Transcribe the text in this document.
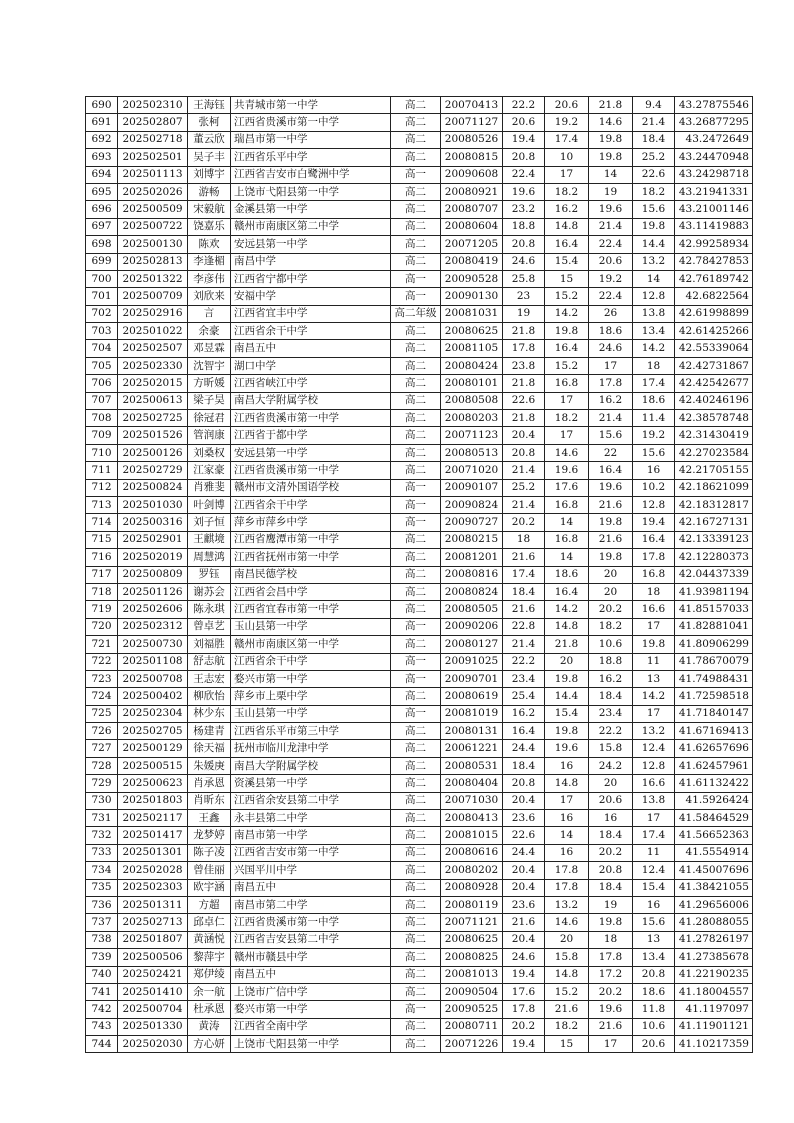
690	202502310	王海钰	共青城市第一中学	高二	20070413	22.2	20.6	21.8	9.4	43.27875546
691	202502807	张柯	江西省贵溪市第一中学	高二	20071127	20.6	19.2	14.6	21.4	43.26877295
692	202502718	董云欣	瑞昌市第一中学	高二	20080526	19.4	17.4	19.8	18.4	43.2472649
693	202502501	吴子丰	江西省乐平中学	高二	20080815	20.8	10	19.8	25.2	43.24470948
694	202501113	刘博宇	江西省吉安市白鹭洲中学	高一	20090608	22.4	17	14	22.6	43.24298718
695	202502026	游畅	上饶市弋阳县第一中学	高二	20080921	19.6	18.2	19	18.2	43.21941331
696	202500509	宋毅航	金溪县第一中学	高二	20080707	23.2	16.2	19.6	15.6	43.21001146
697	202500722	饶嘉乐	赣州市南康区第二中学	高二	20080604	18.8	14.8	21.4	19.8	43.11419883
698	202500130	陈欢	安远县第一中学	高二	20071205	20.8	16.4	22.4	14.4	42.99258934
699	202502813	李逢楣	南昌中学	高二	20080419	24.6	15.4	20.6	13.2	42.78427853
700	202501322	李彦伟	江西省宁都中学	高一	20090528	25.8	15	19.2	14	42.76189742
701	202500709	刘欣来	安福中学	高一	20090130	23	15.2	22.4	12.8	42.6822564
702	202502916	言	江西省宜丰中学	高二年级	20081031	19	14.2	26	13.8	42.61998899
703	202501022	余豪	江西省余干中学	高二	20080625	21.8	19.8	18.6	13.4	42.61425266
704	202502507	邓昱霖	南昌五中	高二	20081105	17.8	16.4	24.6	14.2	42.55339064
705	202502330	沈智宇	湖口中学	高二	20080424	23.8	15.2	17	18	42.42731867
706	202502015	方昕媛	江西省峡江中学	高二	20080101	21.8	16.8	17.8	17.4	42.42542677
707	202500613	梁子昊	南昌大学附属学校	高二	20080508	22.6	17	16.2	18.6	42.40246196
708	202502725	徐冠君	江西省贵溪市第一中学	高二	20080203	21.8	18.2	21.4	11.4	42.38578748
709	202501526	管润康	江西省于都中学	高二	20071123	20.4	17	15.6	19.2	42.31430419
710	202500126	刘桑权	安远县第一中学	高二	20080513	20.8	14.6	22	15.6	42.27023584
711	202502729	江家豪	江西省贵溪市第一中学	高二	20071020	21.4	19.6	16.4	16	42.21705155
712	202500824	肖雅斐	赣州市文清外国语学校	高一	20090107	25.2	17.6	19.6	10.2	42.18621099
713	202501030	叶剑博	江西省余干中学	高一	20090824	21.4	16.8	21.6	12.8	42.18312817
714	202500316	刘子恒	萍乡市萍乡中学	高一	20090727	20.2	14	19.8	19.4	42.16727131
715	202502901	王麒境	江西省鹰潭市第一中学	高二	20080215	18	16.8	21.6	16.4	42.13339123
716	202502019	周慧鸿	江西省抚州市第一中学	高二	20081201	21.6	14	19.8	17.8	42.12280373
717	202500809	罗钰	南昌民德学校	高二	20080816	17.4	18.6	20	16.8	42.04437339
718	202501126	谢苏会	江西省会昌中学	高二	20080824	18.4	16.4	20	18	41.93981194
719	202502606	陈永琪	江西省宜春市第一中学	高二	20080505	21.6	14.2	20.2	16.6	41.85157033
720	202502312	曾卓艺	玉山县第一中学	高一	20090206	22.8	14.8	18.2	17	41.82881041
721	202500730	刘福胜	赣州市南康区第一中学	高二	20080127	21.4	21.8	10.6	19.8	41.80906299
722	202501108	舒志航	江西省余干中学	高一	20091025	22.2	20	18.8	11	41.78670079
723	202500708	王志宏	婺兴市第一中学	高一	20090701	23.4	19.8	16.2	13	41.74988431
724	202500402	柳欣怡	萍乡市上栗中学	高二	20080619	25.4	14.4	18.4	14.2	41.72598518
725	202502304	林少东	玉山县第一中学	高一	20081019	16.2	15.4	23.4	17	41.71840147
726	202502705	杨建青	江西省乐平市第三中学	高二	20080131	16.4	19.8	22.2	13.2	41.67169413
727	202500129	徐天福	抚州市临川龙津中学	高二	20061221	24.4	19.6	15.8	12.4	41.62657696
728	202500515	朱媛庚	南昌大学附属学校	高二	20080531	18.4	16	24.2	12.8	41.62457961
729	202500623	肖承恩	资溪县第一中学	高二	20080404	20.8	14.8	20	16.6	41.61132422
730	202501803	肖昕东	江西省余安县第二中学	高二	20071030	20.4	17	20.6	13.8	41.5926424
731	202502117	王鑫	永丰县第二中学	高二	20080413	23.6	16	16	17	41.58464529
732	202501417	龙梦婷	南昌市第一中学	高二	20081015	22.6	14	18.4	17.4	41.56652363
733	202501301	陈子凌	江西省吉安市第一中学	高二	20080616	24.4	16	20.2	11	41.5554914
734	202502028	曾佳丽	兴国平川中学	高二	20080202	20.4	17.8	20.8	12.4	41.45007696
735	202502303	欧宇涵	南昌五中	高二	20080928	20.4	17.8	18.4	15.4	41.38421055
736	202501311	方超	南昌市第二中学	高二	20080119	23.6	13.2	19	16	41.29656006
737	202502713	邱卓仁	江西省贵溪市第一中学	高二	20071121	21.6	14.6	19.8	15.6	41.28088055
738	202501807	黄涵悦	江西省吉安县第二中学	高二	20080625	20.4	20	18	13	41.27826197
739	202500506	黎萍宇	赣州市赣县中学	高二	20080825	24.6	15.8	17.8	13.4	41.27385678
740	202502421	郑伊绫	南昌五中	高二	20081013	19.4	14.8	17.2	20.8	41.22190235
741	202501410	余一航	上饶市广信中学	高二	20090504	17.6	15.2	20.2	18.6	41.18004557
742	202500704	杜承恩	婺兴市第一中学	高一	20090525	17.8	21.6	19.6	11.8	41.1197097
743	202501330	黄涛	江西省全南中学	高二	20080711	20.2	18.2	21.6	10.6	41.11901121
744	202502030	方心妍	上饶市弋阳县第一中学	高二	20071226	19.4	15	17	20.6	41.10217359
